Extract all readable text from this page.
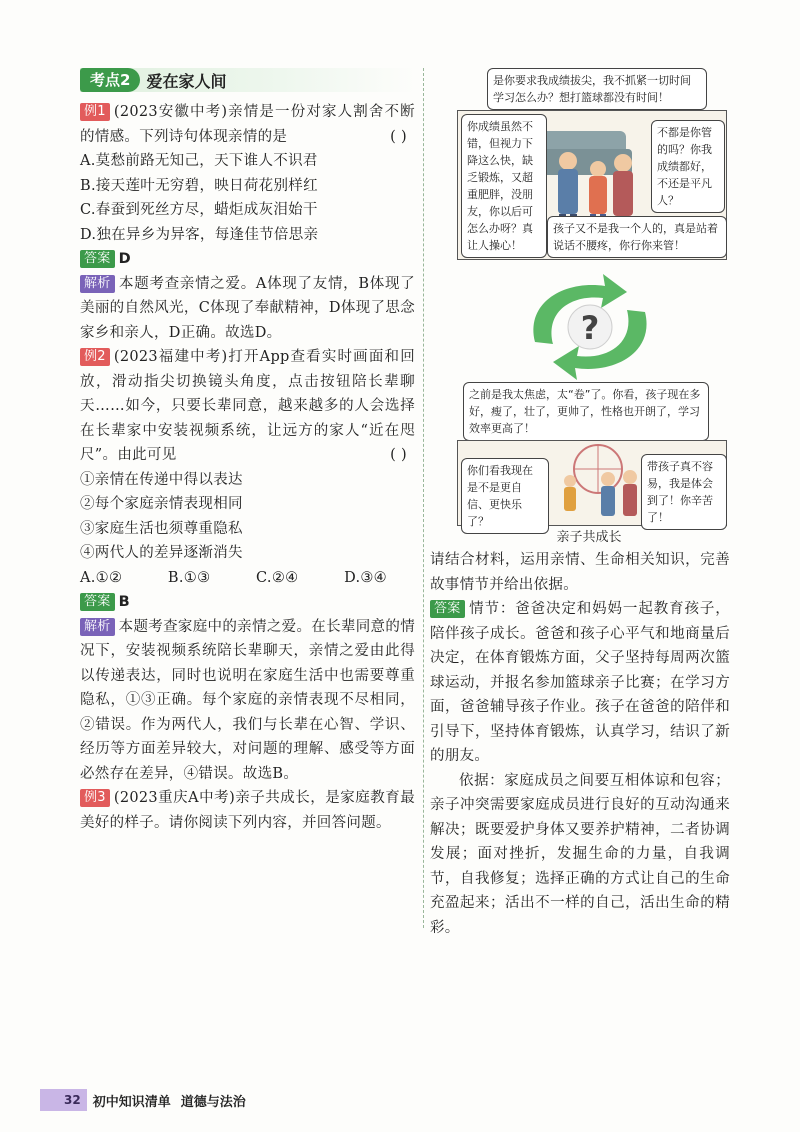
考点2	爱在家人间
例1 (2023安徽中考)亲情是一份对家人割舍不断的情感。下列诗句体现亲情的是	( )
A.莫愁前路无知己，天下谁人不识君
B.接天莲叶无穷碧，映日荷花别样红
C.春蚕到死丝方尽，蜡炬成灰泪始干
D.独在异乡为异客，每逢佳节倍思亲
答案 D
解析 本题考查亲情之爱。A体现了友情，B体现了美丽的自然风光，C体现了奉献精神，D体现了思念家乡和亲人，D正确。故选D。
例2 (2023福建中考)打开App查看实时画面和回放，滑动指尖切换镜头角度，点击按钮陪长辈聊天……如今，只要长辈同意，越来越多的人会选择在长辈家中安装视频系统，让远方的家人“近在咫尺”。由此可见	( )
①亲情在传递中得以表达
②每个家庭亲情表现相同
③家庭生活也须尊重隐私
④两代人的差异逐渐消失
A.①②	B.①③	C.②④	D.③④
答案 B
解析 本题考查家庭中的亲情之爱。在长辈同意的情况下，安装视频系统陪长辈聊天，亲情之爱由此得以传递表达，同时也说明在家庭生活中也需要尊重隐私，①③正确。每个家庭的亲情表现不尽相同，②错误。作为两代人，我们与长辈在心智、学识、经历等方面差异较大，对问题的理解、感受等方面必然存在差异，④错误。故选B。
例3 (2023重庆A中考)亲子共成长，是家庭教育最美好的样子。请你阅读下列内容，并回答问题。
是你要求我成绩拔尖，我不抓紧一切时间学习怎么办？想打篮球都没有时间！
你成绩虽然不错，但视力下降这么快，缺乏锻炼，又超重肥胖，没朋友，你以后可怎么办呀？真让人操心！
不都是你管的吗？你我成绩都好，不还是平凡人？
孩子又不是我一个人的，真是站着说话不腰疼，你行你来管！
?
之前是我太焦虑，太“卷”了。你看，孩子现在多好，瘦了，壮了，更帅了，性格也开朗了，学习效率更高了！
你们看我现在是不是更自信、更快乐了？
带孩子真不容易，我是体会到了！你辛苦了！
亲子共成长
请结合材料，运用亲情、生命相关知识，完善故事情节并给出依据。
答案 情节：爸爸决定和妈妈一起教育孩子，陪伴孩子成长。爸爸和孩子心平气和地商量后决定，在体育锻炼方面，父子坚持每周两次篮球运动，并报名参加篮球亲子比赛；在学习方面，爸爸辅导孩子作业。孩子在爸爸的陪伴和引导下，坚持体育锻炼，认真学习，结识了新的朋友。
依据：家庭成员之间要互相体谅和包容；亲子冲突需要家庭成员进行良好的互动沟通来解决；既要爱护身体又要养护精神，二者协调发展；面对挫折，发掘生命的力量，自我调节，自我修复；选择正确的方式让自己的生命充盈起来；活出不一样的自己，活出生命的精彩。
32 初中知识清单 道德与法治
